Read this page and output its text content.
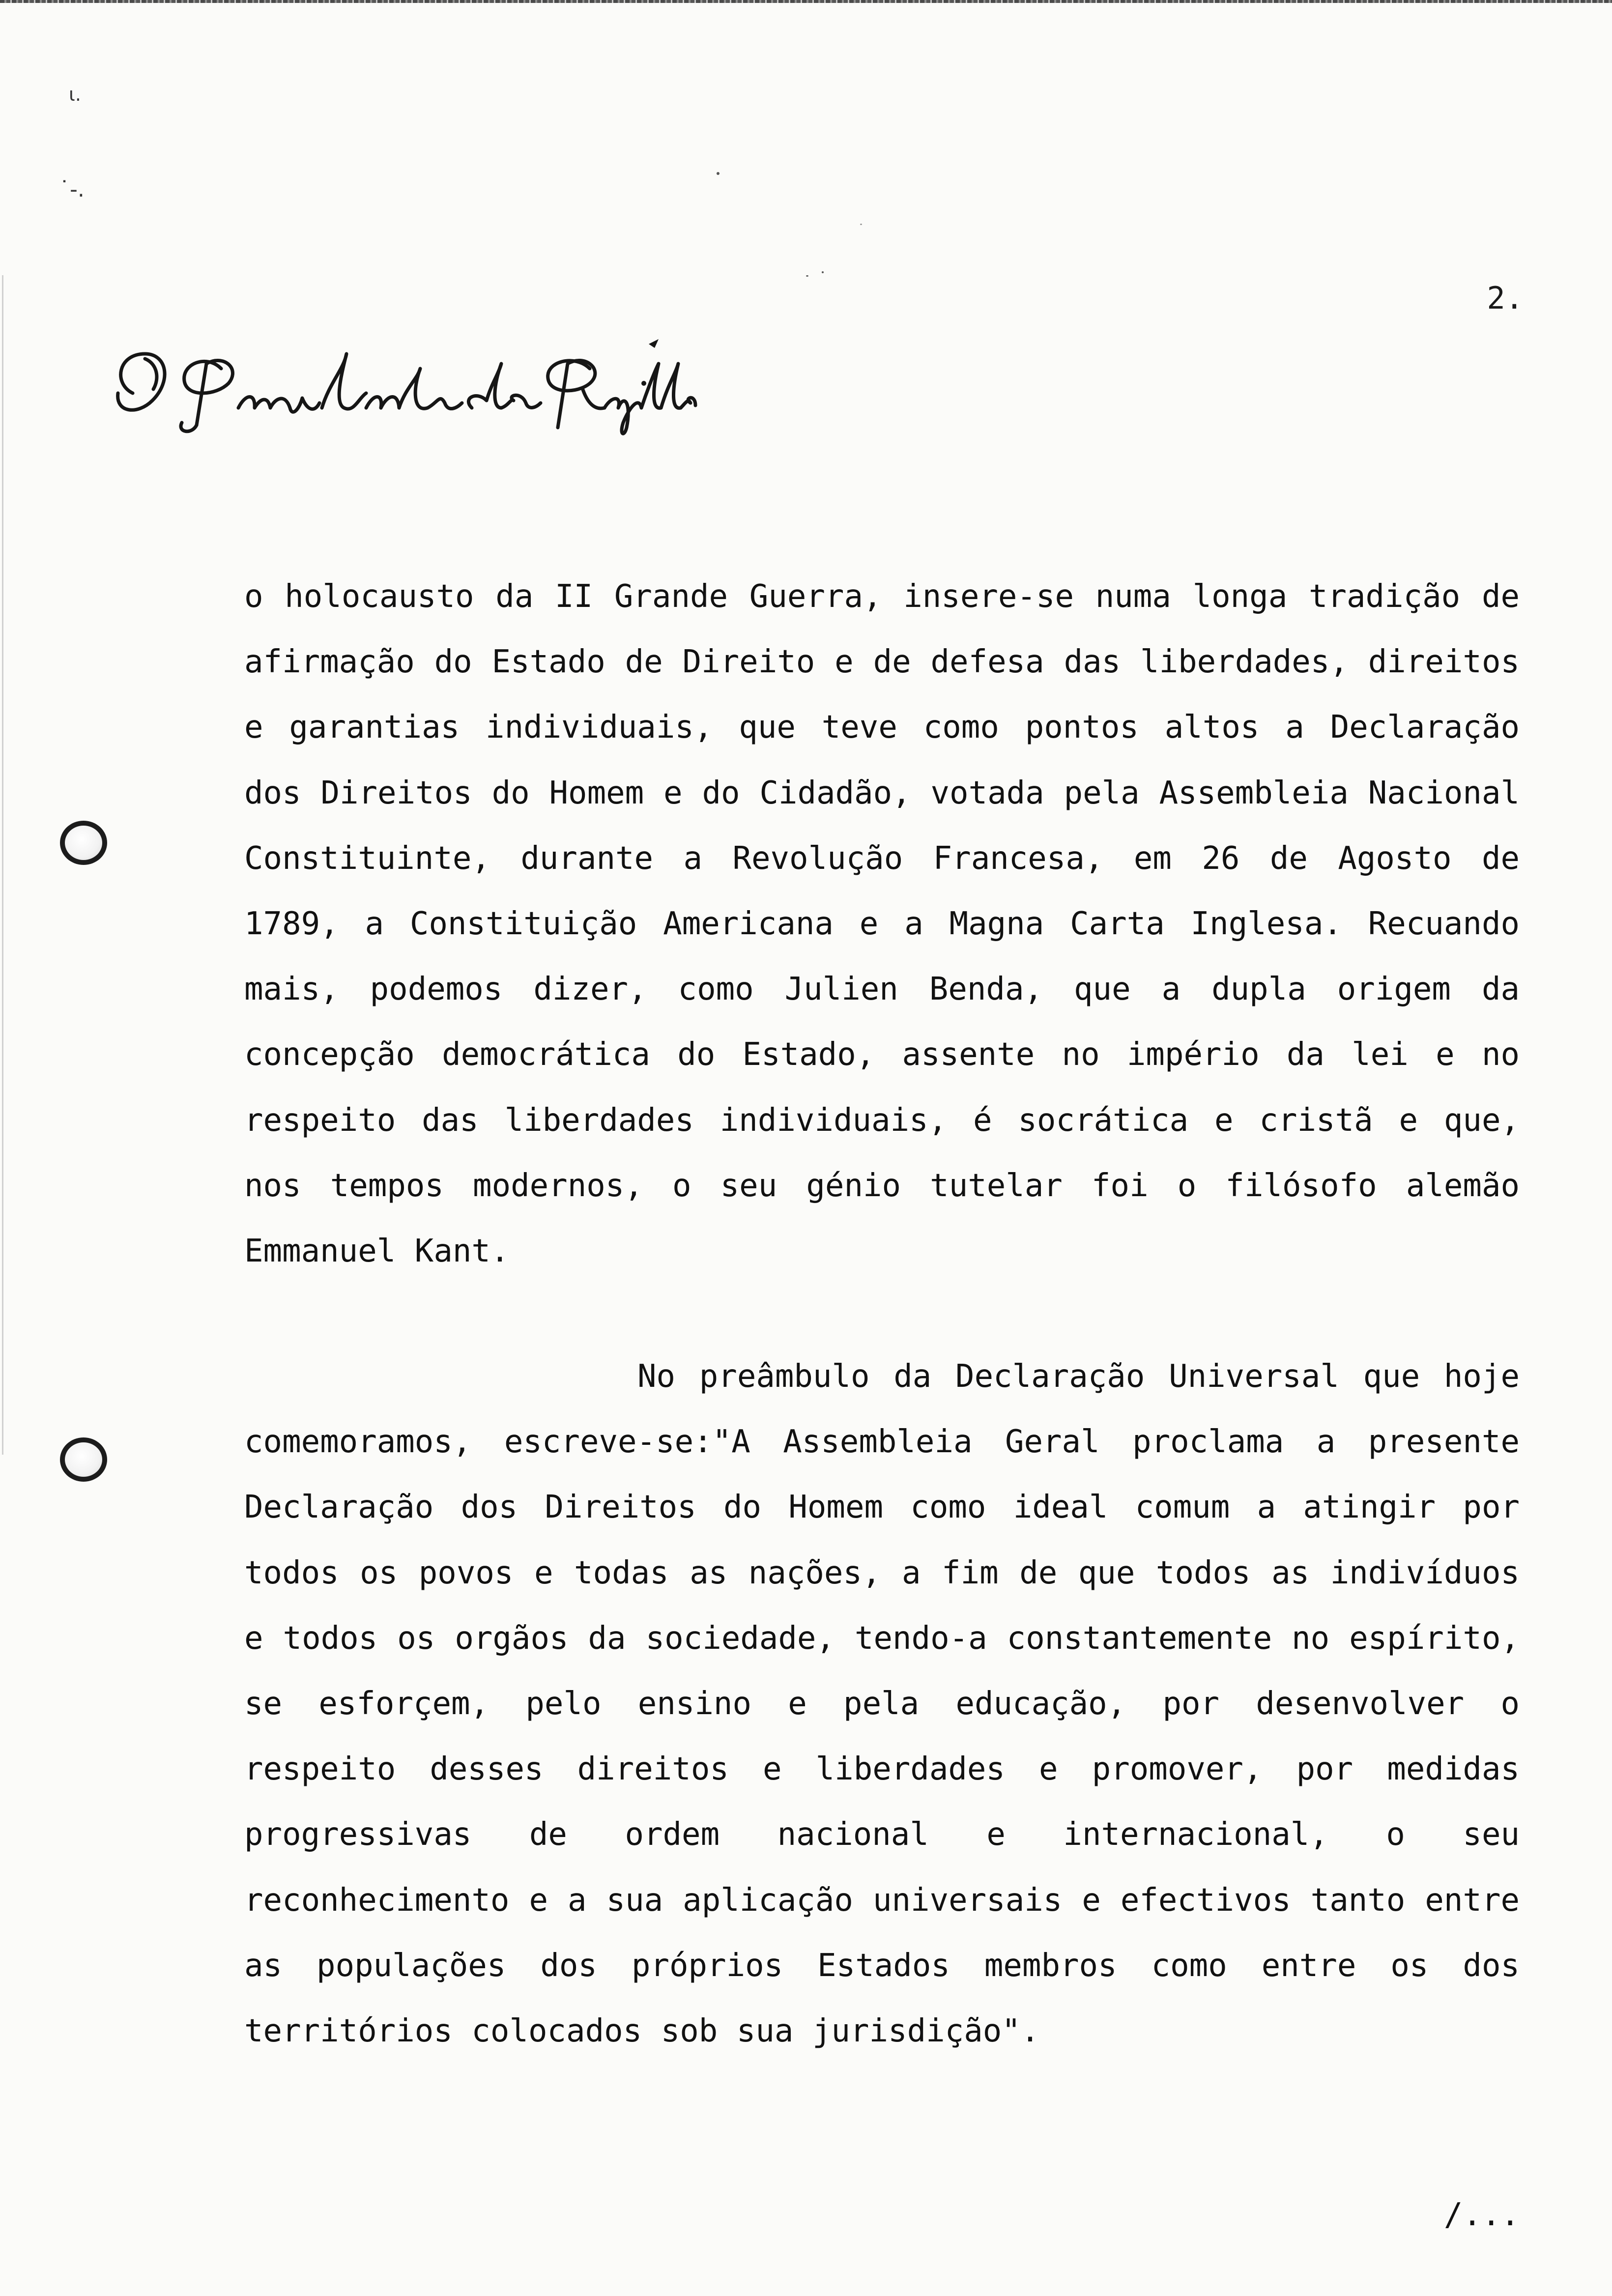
ɩ.
˙-.
2.

o holocausto da II Grande Guerra, insere-se numa longa tradição de afirmação do Estado de Direito e de defesa das liberdades, direitos e garantias individuais, que teve como pontos altos a Declaração dos Direitos do Homem e do Cidadão, votada pela Assembleia Nacional Constituinte, durante a Revolução Francesa, em 26 de Agosto de 1789, a Constituição Americana e a Magna Carta Inglesa. Recuando mais, podemos dizer, como Julien Benda, que a dupla origem da concepção democrática do Estado, assente no império da lei e no respeito das liberdades individuais, é socrática e cristã e que, nos tempos modernos, o seu génio tutelar foi o filósofo alemão Emmanuel Kant.

No preâmbulo da Declaração Universal que hoje comemoramos, escreve-se:"A Assembleia Geral proclama a presente Declaração dos Direitos do Homem como ideal comum a atingir por todos os povos e todas as nações, a fim de que todos as indivíduos e todos os orgãos da sociedade, tendo-a constantemente no espírito, se esforçem, pelo ensino e pela educação, por desenvolver o respeito desses direitos e liberdades e promover, por medidas progressivas de ordem nacional e internacional, o seu reconhecimento e a sua aplicação universais e efectivos tanto entre as populações dos próprios Estados membros como entre os dos territórios colocados sob sua jurisdição".

/...
